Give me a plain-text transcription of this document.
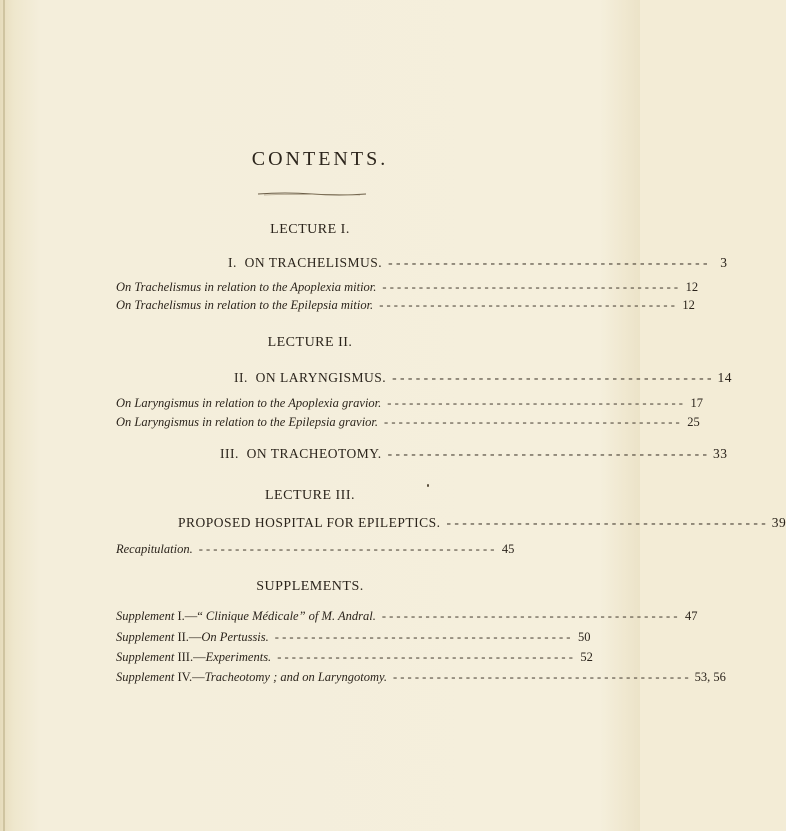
CONTENTS.
LECTURE I.
I. ON TRACHELISMUS. - - - - - - - - - - - - - - - - - - - - - - - - - - - - - - - - - - - - - - - - - 3
On Trachelismus in relation to the Apoplexia mitior. - - - - - - - - - - - - - - - - - - - - - - - - - - - - - - - - - - - - - - - - - 12
On Trachelismus in relation to the Epilepsia mitior. - - - - - - - - - - - - - - - - - - - - - - - - - - - - - - - - - - - - - - - - - 12
LECTURE II.
II. ON LARYNGISMUS. - - - - - - - - - - - - - - - - - - - - - - - - - - - - - - - - - - - - - - - - - 14
On Laryngismus in relation to the Apoplexia gravior. - - - - - - - - - - - - - - - - - - - - - - - - - - - - - - - - - - - - - - - - - 17
On Laryngismus in relation to the Epilepsia gravior. - - - - - - - - - - - - - - - - - - - - - - - - - - - - - - - - - - - - - - - - - 25
III. ON TRACHEOTOMY. - - - - - - - - - - - - - - - - - - - - - - - - - - - - - - - - - - - - - - - - - 33
LECTURE III.
PROPOSED HOSPITAL FOR EPILEPTICS. - - - - - - - - - - - - - - - - - - - - - - - - - - - - - - - - - - - - - - - - - 39
Recapitulation. - - - - - - - - - - - - - - - - - - - - - - - - - - - - - - - - - - - - - - - - - 45
SUPPLEMENTS.
Supplement I.—“ Clinique Médicale” of M. Andral. - - - - - - - - - - - - - - - - - - - - - - - - - - - - - - - - - - - - - - - - - 47
Supplement II.—On Pertussis. - - - - - - - - - - - - - - - - - - - - - - - - - - - - - - - - - - - - - - - - - 50
Supplement III.—Experiments. - - - - - - - - - - - - - - - - - - - - - - - - - - - - - - - - - - - - - - - - - 52
Supplement IV.—Tracheotomy ; and on Laryngotomy. - - - - - - - - - - - - - - - - - - - - - - - - - - - - - - - - - - - - - - - - - 53, 56
